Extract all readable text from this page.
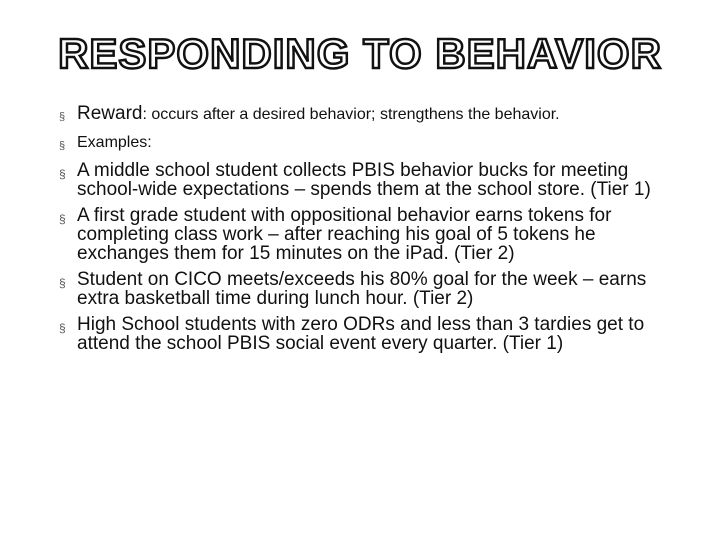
RESPONDING TO BEHAVIOR
§ Reward: occurs after a desired behavior; strengthens the behavior.
§ Examples:
§ A middle school student collects PBIS behavior bucks for meeting school-wide expectations – spends them at the school store. (Tier 1)
§ A first grade student with oppositional behavior earns tokens for completing class work – after reaching his goal of 5 tokens he exchanges them for 15 minutes on the iPad. (Tier 2)
§ Student on CICO meets/exceeds his 80% goal for the week – earns extra basketball time during lunch hour. (Tier 2)
§ High School students with zero ODRs and less than 3 tardies get to attend the school PBIS social event every quarter. (Tier 1)
